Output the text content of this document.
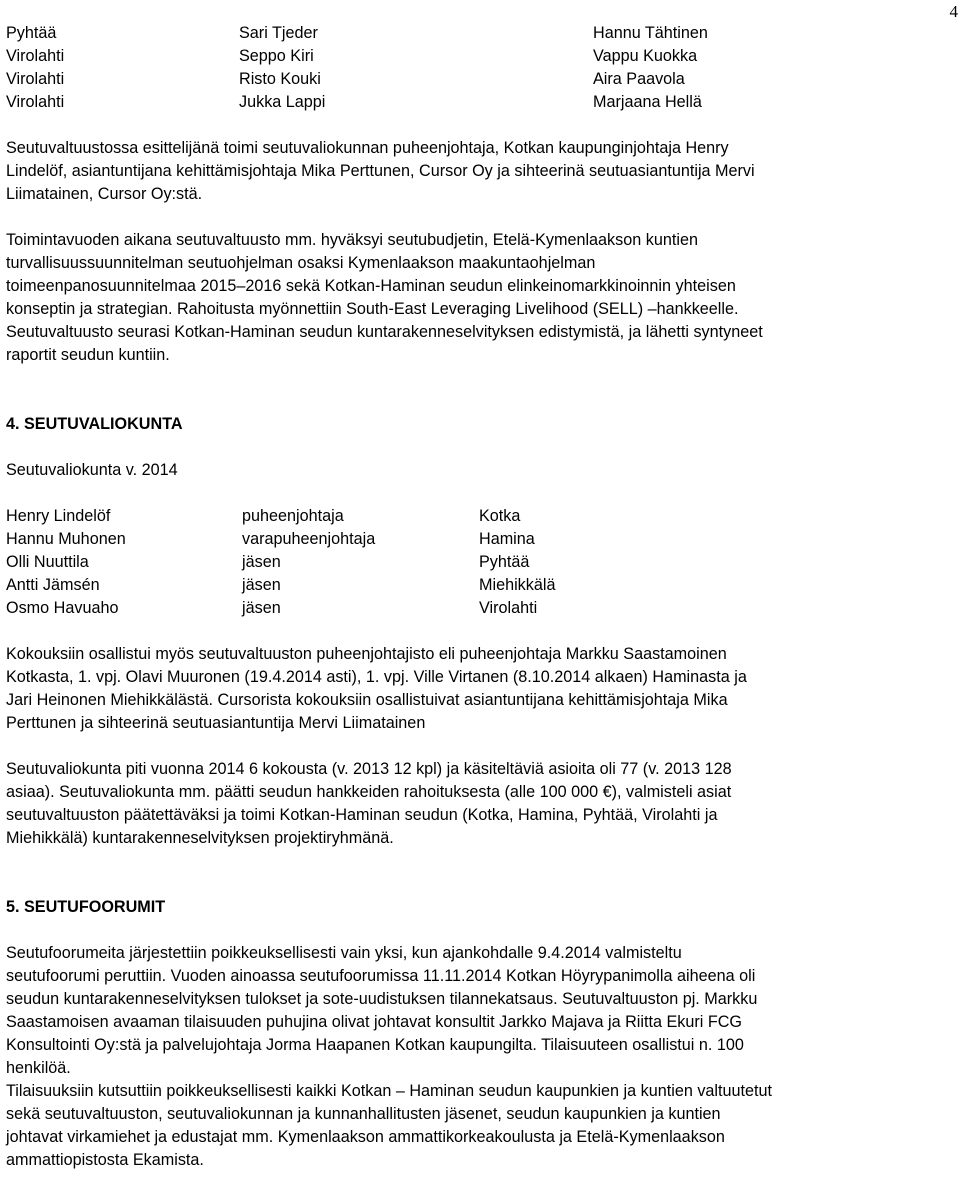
4
Pyhtää	Sari Tjeder	Hannu Tähtinen
Virolahti	Seppo Kiri	Vappu Kuokka
Virolahti	Risto Kouki	Aira Paavola
Virolahti	Jukka Lappi	Marjaana Hellä

Seutuvaltuustossa esittelijänä toimi seutuvaliokunnan puheenjohtaja, Kotkan kaupunginjohtaja Henry

Lindelöf, asiantuntijana kehittämisjohtaja Mika Perttunen, Cursor Oy ja sihteerinä seutuasiantuntija Mervi

Liimatainen, Cursor Oy:stä.

Toimintavuoden aikana seutuvaltuusto mm. hyväksyi seutubudjetin, Etelä-Kymenlaakson kuntien

turvallisuussuunnitelman seutuohjelman osaksi Kymenlaakson maakuntaohjelman

toimeenpanosuunnitelmaa 2015–2016 sekä Kotkan-Haminan seudun elinkeinomarkkinoinnin yhteisen

konseptin ja strategian. Rahoitusta myönnettiin South-East Leveraging Livelihood (SELL) –hankkeelle.

Seutuvaltuusto seurasi Kotkan-Haminan seudun kuntarakenneselvityksen edistymistä, ja lähetti syntyneet

raportit seudun kuntiin.

4. SEUTUVALIOKUNTA

Seutuvaliokunta v. 2014

Henry Lindelöf	puheenjohtaja	Kotka
Hannu Muhonen	varapuheenjohtaja	Hamina
Olli Nuuttila	jäsen	Pyhtää
Antti Jämsén	jäsen	Miehikkälä
Osmo Havuaho	jäsen	Virolahti

Kokouksiin osallistui myös seutuvaltuuston puheenjohtajisto eli puheenjohtaja Markku Saastamoinen

Kotkasta, 1. vpj. Olavi Muuronen (19.4.2014 asti), 1. vpj. Ville Virtanen (8.10.2014 alkaen) Haminasta ja

Jari Heinonen Miehikkälästä. Cursorista kokouksiin osallistuivat asiantuntijana kehittämisjohtaja Mika

Perttunen ja sihteerinä seutuasiantuntija Mervi Liimatainen

Seutuvaliokunta piti vuonna 2014 6 kokousta (v. 2013 12 kpl) ja käsiteltäviä asioita oli 77 (v. 2013 128

asiaa). Seutuvaliokunta mm. päätti seudun hankkeiden rahoituksesta (alle 100 000 €), valmisteli asiat

seutuvaltuuston päätettäväksi ja toimi Kotkan-Haminan seudun (Kotka, Hamina, Pyhtää, Virolahti ja

Miehikkälä) kuntarakenneselvityksen projektiryhmänä.

5. SEUTUFOORUMIT

Seutufoorumeita järjestettiin poikkeuksellisesti vain yksi, kun ajankohdalle 9.4.2014 valmisteltu

seutufoorumi peruttiin. Vuoden ainoassa seutufoorumissa 11.11.2014 Kotkan Höyrypanimolla aiheena oli

seudun kuntarakenneselvityksen tulokset ja sote-uudistuksen tilannekatsaus. Seutuvaltuuston pj. Markku

Saastamoisen avaaman tilaisuuden puhujina olivat johtavat konsultit Jarkko Majava ja Riitta Ekuri FCG

Konsultointi Oy:stä ja palvelujohtaja Jorma Haapanen Kotkan kaupungilta. Tilaisuuteen osallistui n. 100

henkilöä.

Tilaisuuksiin kutsuttiin poikkeuksellisesti kaikki Kotkan – Haminan seudun kaupunkien ja kuntien valtuutetut

sekä seutuvaltuuston, seutuvaliokunnan ja kunnanhallitusten jäsenet, seudun kaupunkien ja kuntien

johtavat virkamiehet ja edustajat mm. Kymenlaakson ammattikorkeakoulusta ja Etelä-Kymenlaakson

ammattiopistosta Ekamista.
